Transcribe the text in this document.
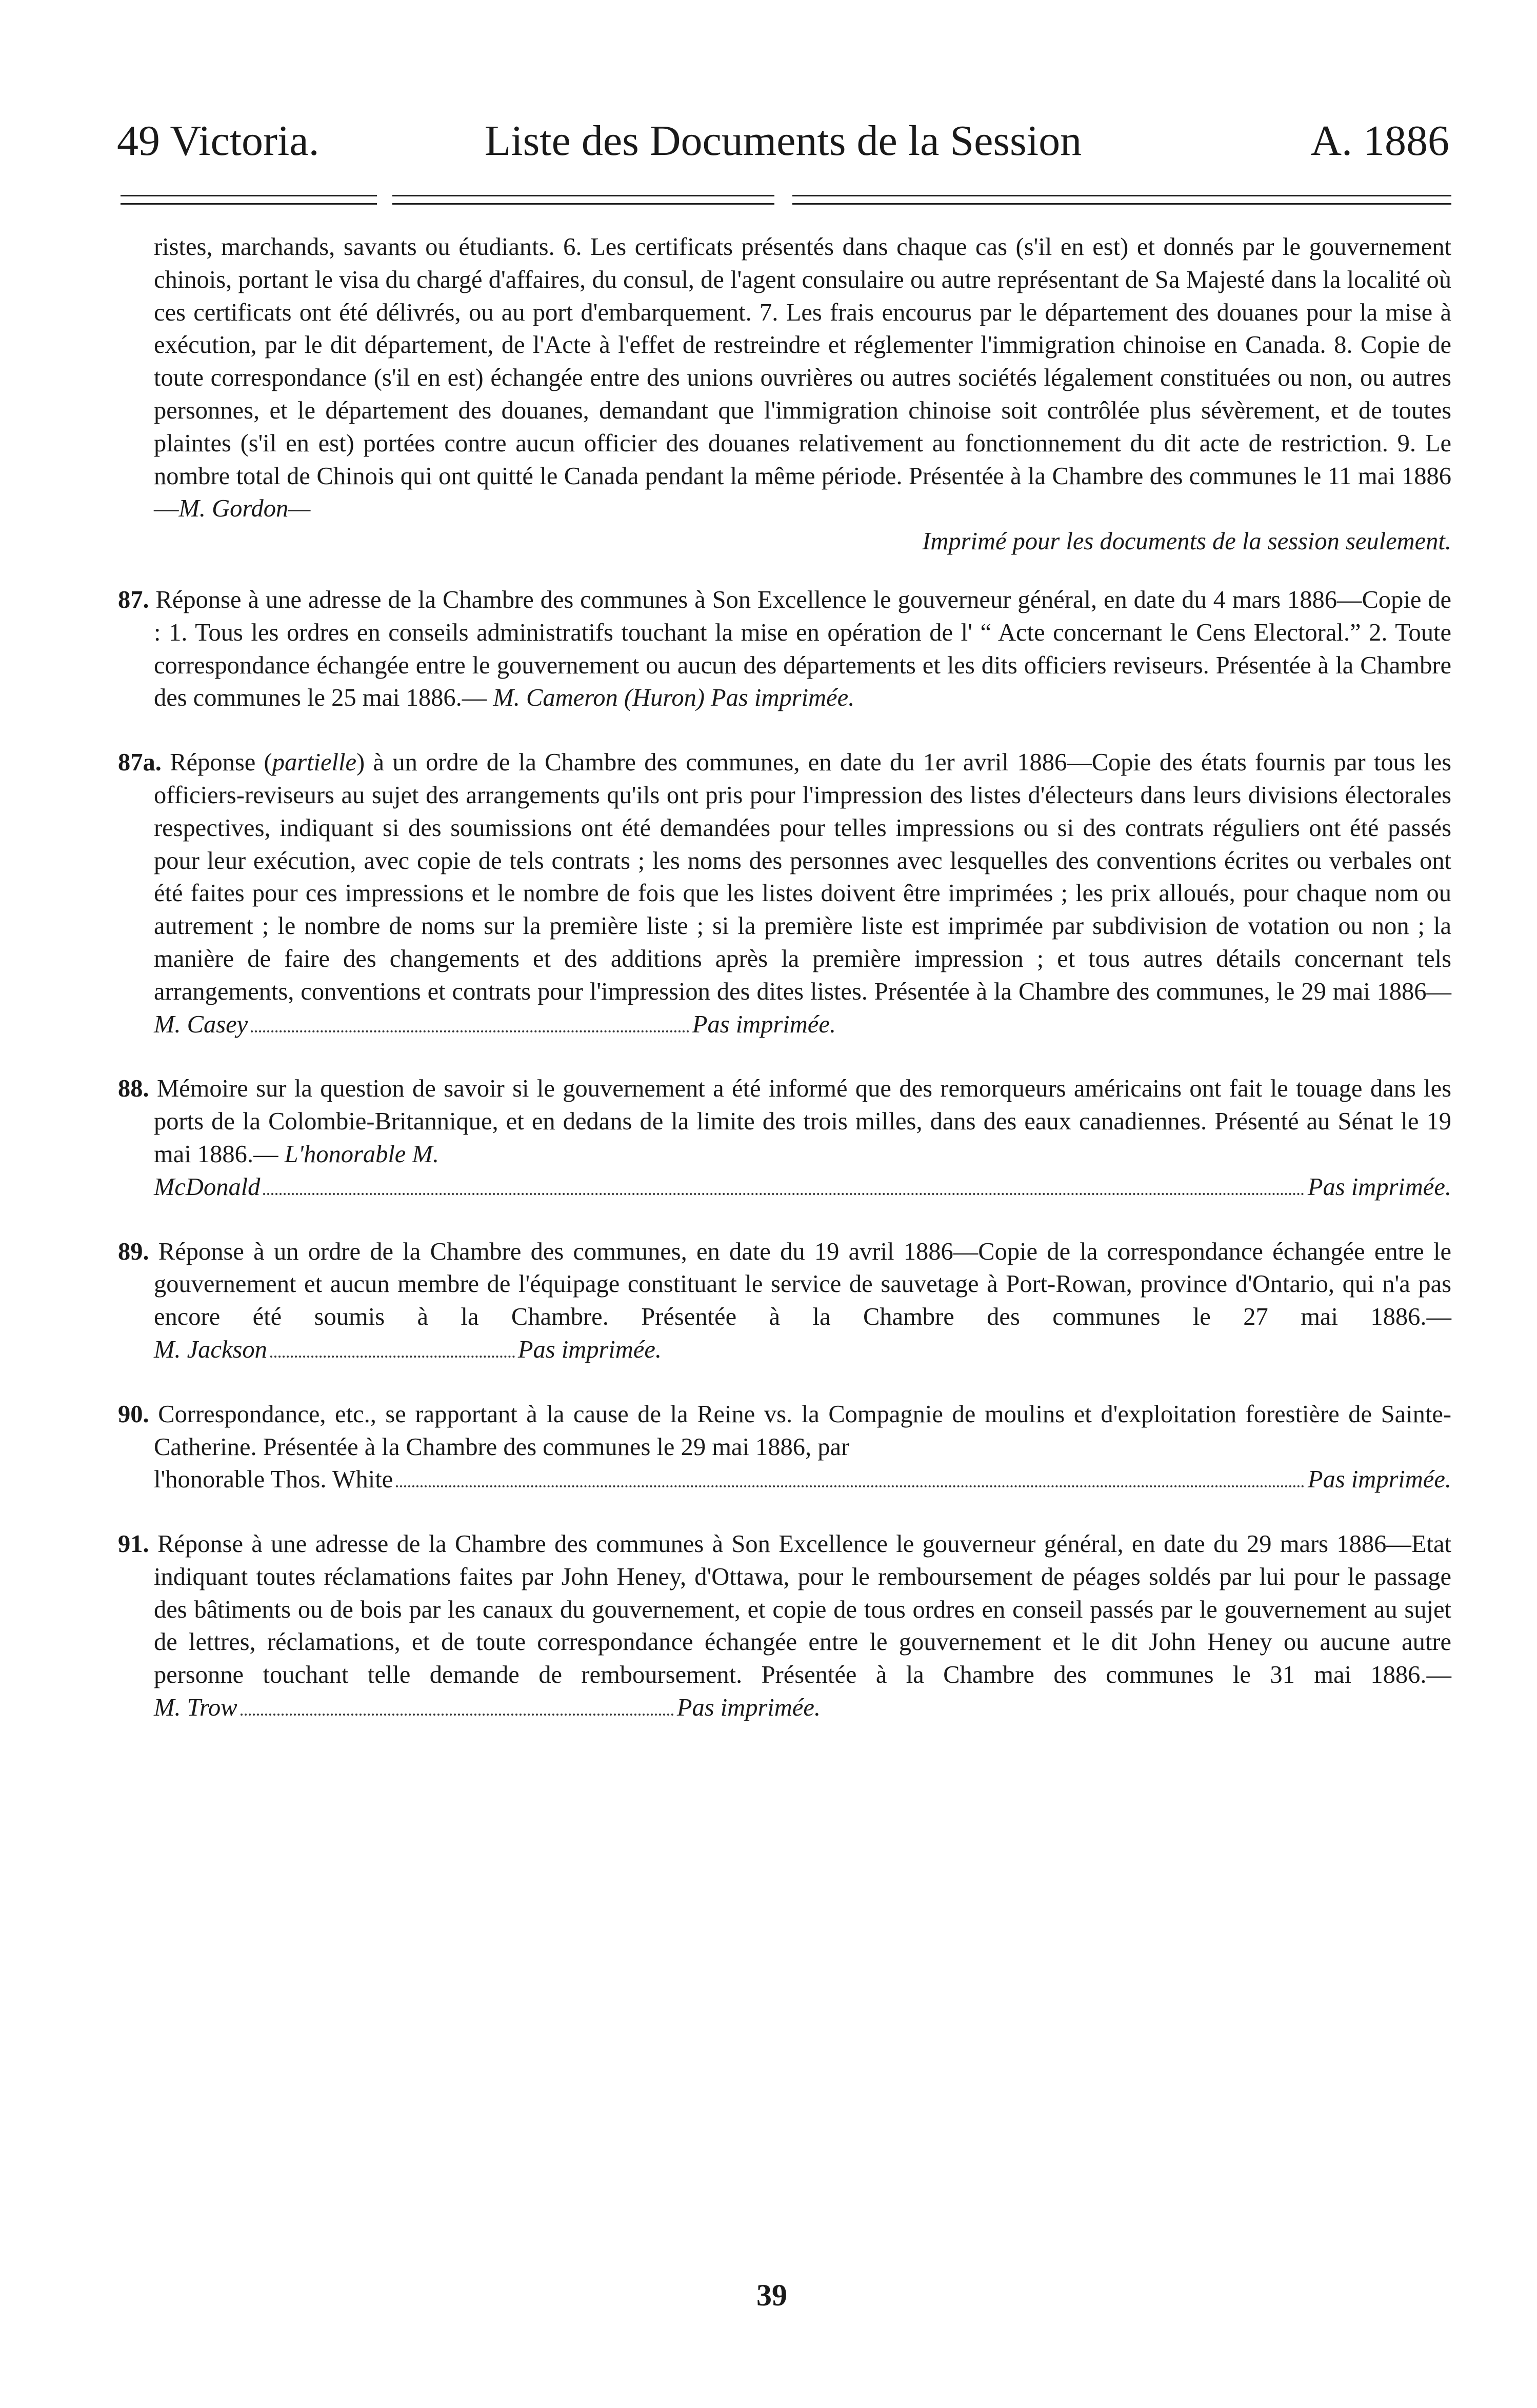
49 Victoria.	Liste des Documents de la Session	A. 1886
ristes, marchands, savants ou étudiants. 6. Les certificats présentés dans chaque cas (s'il en est) et donnés par le gouvernement chinois, portant le visa du chargé d'affaires, du consul, de l'agent consulaire ou autre représentant de Sa Majesté dans la localité où ces certificats ont été délivrés, ou au port d'embarquement. 7. Les frais encourus par le département des douanes pour la mise à exécution, par le dit département, de l'Acte à l'effet de restreindre et réglementer l'immigration chinoise en Canada. 8. Copie de toute correspondance (s'il en est) échangée entre des unions ouvrières ou autres sociétés légalement constituées ou non, ou autres personnes, et le département des douanes, demandant que l'immigration chinoise soit contrôlée plus sévèrement, et de toutes plaintes (s'il en est) portées contre aucun officier des douanes relativement au fonctionnement du dit acte de restriction. 9. Le nombre total de Chinois qui ont quitté le Canada pendant la même période. Présentée à la Chambre des communes le 11 mai 1886—M. Gordon—
Imprimé pour les documents de la session seulement.
87. Réponse à une adresse de la Chambre des communes à Son Excellence le gouverneur général, en date du 4 mars 1886—Copie de : 1. Tous les ordres en conseils administratifs touchant la mise en opération de l' “ Acte concernant le Cens Electoral.” 2. Toute correspondance échangée entre le gouvernement ou aucun des départements et les dits officiers reviseurs. Présentée à la Chambre des communes le 25 mai 1886.— M. Cameron (Huron) Pas imprimée.
87a. Réponse (partielle) à un ordre de la Chambre des communes, en date du 1er avril 1886—Copie des états fournis par tous les officiers-reviseurs au sujet des arrangements qu'ils ont pris pour l'impression des listes d'électeurs dans leurs divisions électorales respectives, indiquant si des soumissions ont été demandées pour telles impressions ou si des contrats réguliers ont été passés pour leur exécution, avec copie de tels contrats ; les noms des personnes avec lesquelles des conventions écrites ou verbales ont été faites pour ces impressions et le nombre de fois que les listes doivent être imprimées ; les prix alloués, pour chaque nom ou autrement ; le nombre de noms sur la première liste ; si la première liste est imprimée par subdivision de votation ou non ; la manière de faire des changements et des additions après la première impression ; et tous autres détails concernant tels arrangements, conventions et contrats pour l'impression des dites listes. Présentée à la Chambre des communes, le 29 mai 1886—
M. Casey	Pas imprimée.
88. Mémoire sur la question de savoir si le gouvernement a été informé que des remorqueurs américains ont fait le touage dans les ports de la Colombie-Britannique, et en dedans de la limite des trois milles, dans des eaux canadiennes. Présenté au Sénat le 19 mai 1886.— L'honorable M.
McDonald	Pas imprimée.
89. Réponse à un ordre de la Chambre des communes, en date du 19 avril 1886—Copie de la correspondance échangée entre le gouvernement et aucun membre de l'équipage constituant le service de sauvetage à Port-Rowan, province d'Ontario, qui n'a pas encore été soumis à la Chambre. Présentée à la Chambre des communes le 27 mai 1886.—
M. Jackson	Pas imprimée.
90. Correspondance, etc., se rapportant à la cause de la Reine vs. la Compagnie de moulins et d'exploitation forestière de Sainte-Catherine. Présentée à la Chambre des communes le 29 mai 1886, par
l'honorable Thos. White	Pas imprimée.
91. Réponse à une adresse de la Chambre des communes à Son Excellence le gouverneur général, en date du 29 mars 1886—Etat indiquant toutes réclamations faites par John Heney, d'Ottawa, pour le remboursement de péages soldés par lui pour le passage des bâtiments ou de bois par les canaux du gouvernement, et copie de tous ordres en conseil passés par le gouvernement au sujet de lettres, réclamations, et de toute correspondance échangée entre le gouvernement et le dit John Heney ou aucune autre personne touchant telle demande de remboursement. Présentée à la Chambre des communes le 31 mai 1886.—
M. Trow	Pas imprimée.
39
